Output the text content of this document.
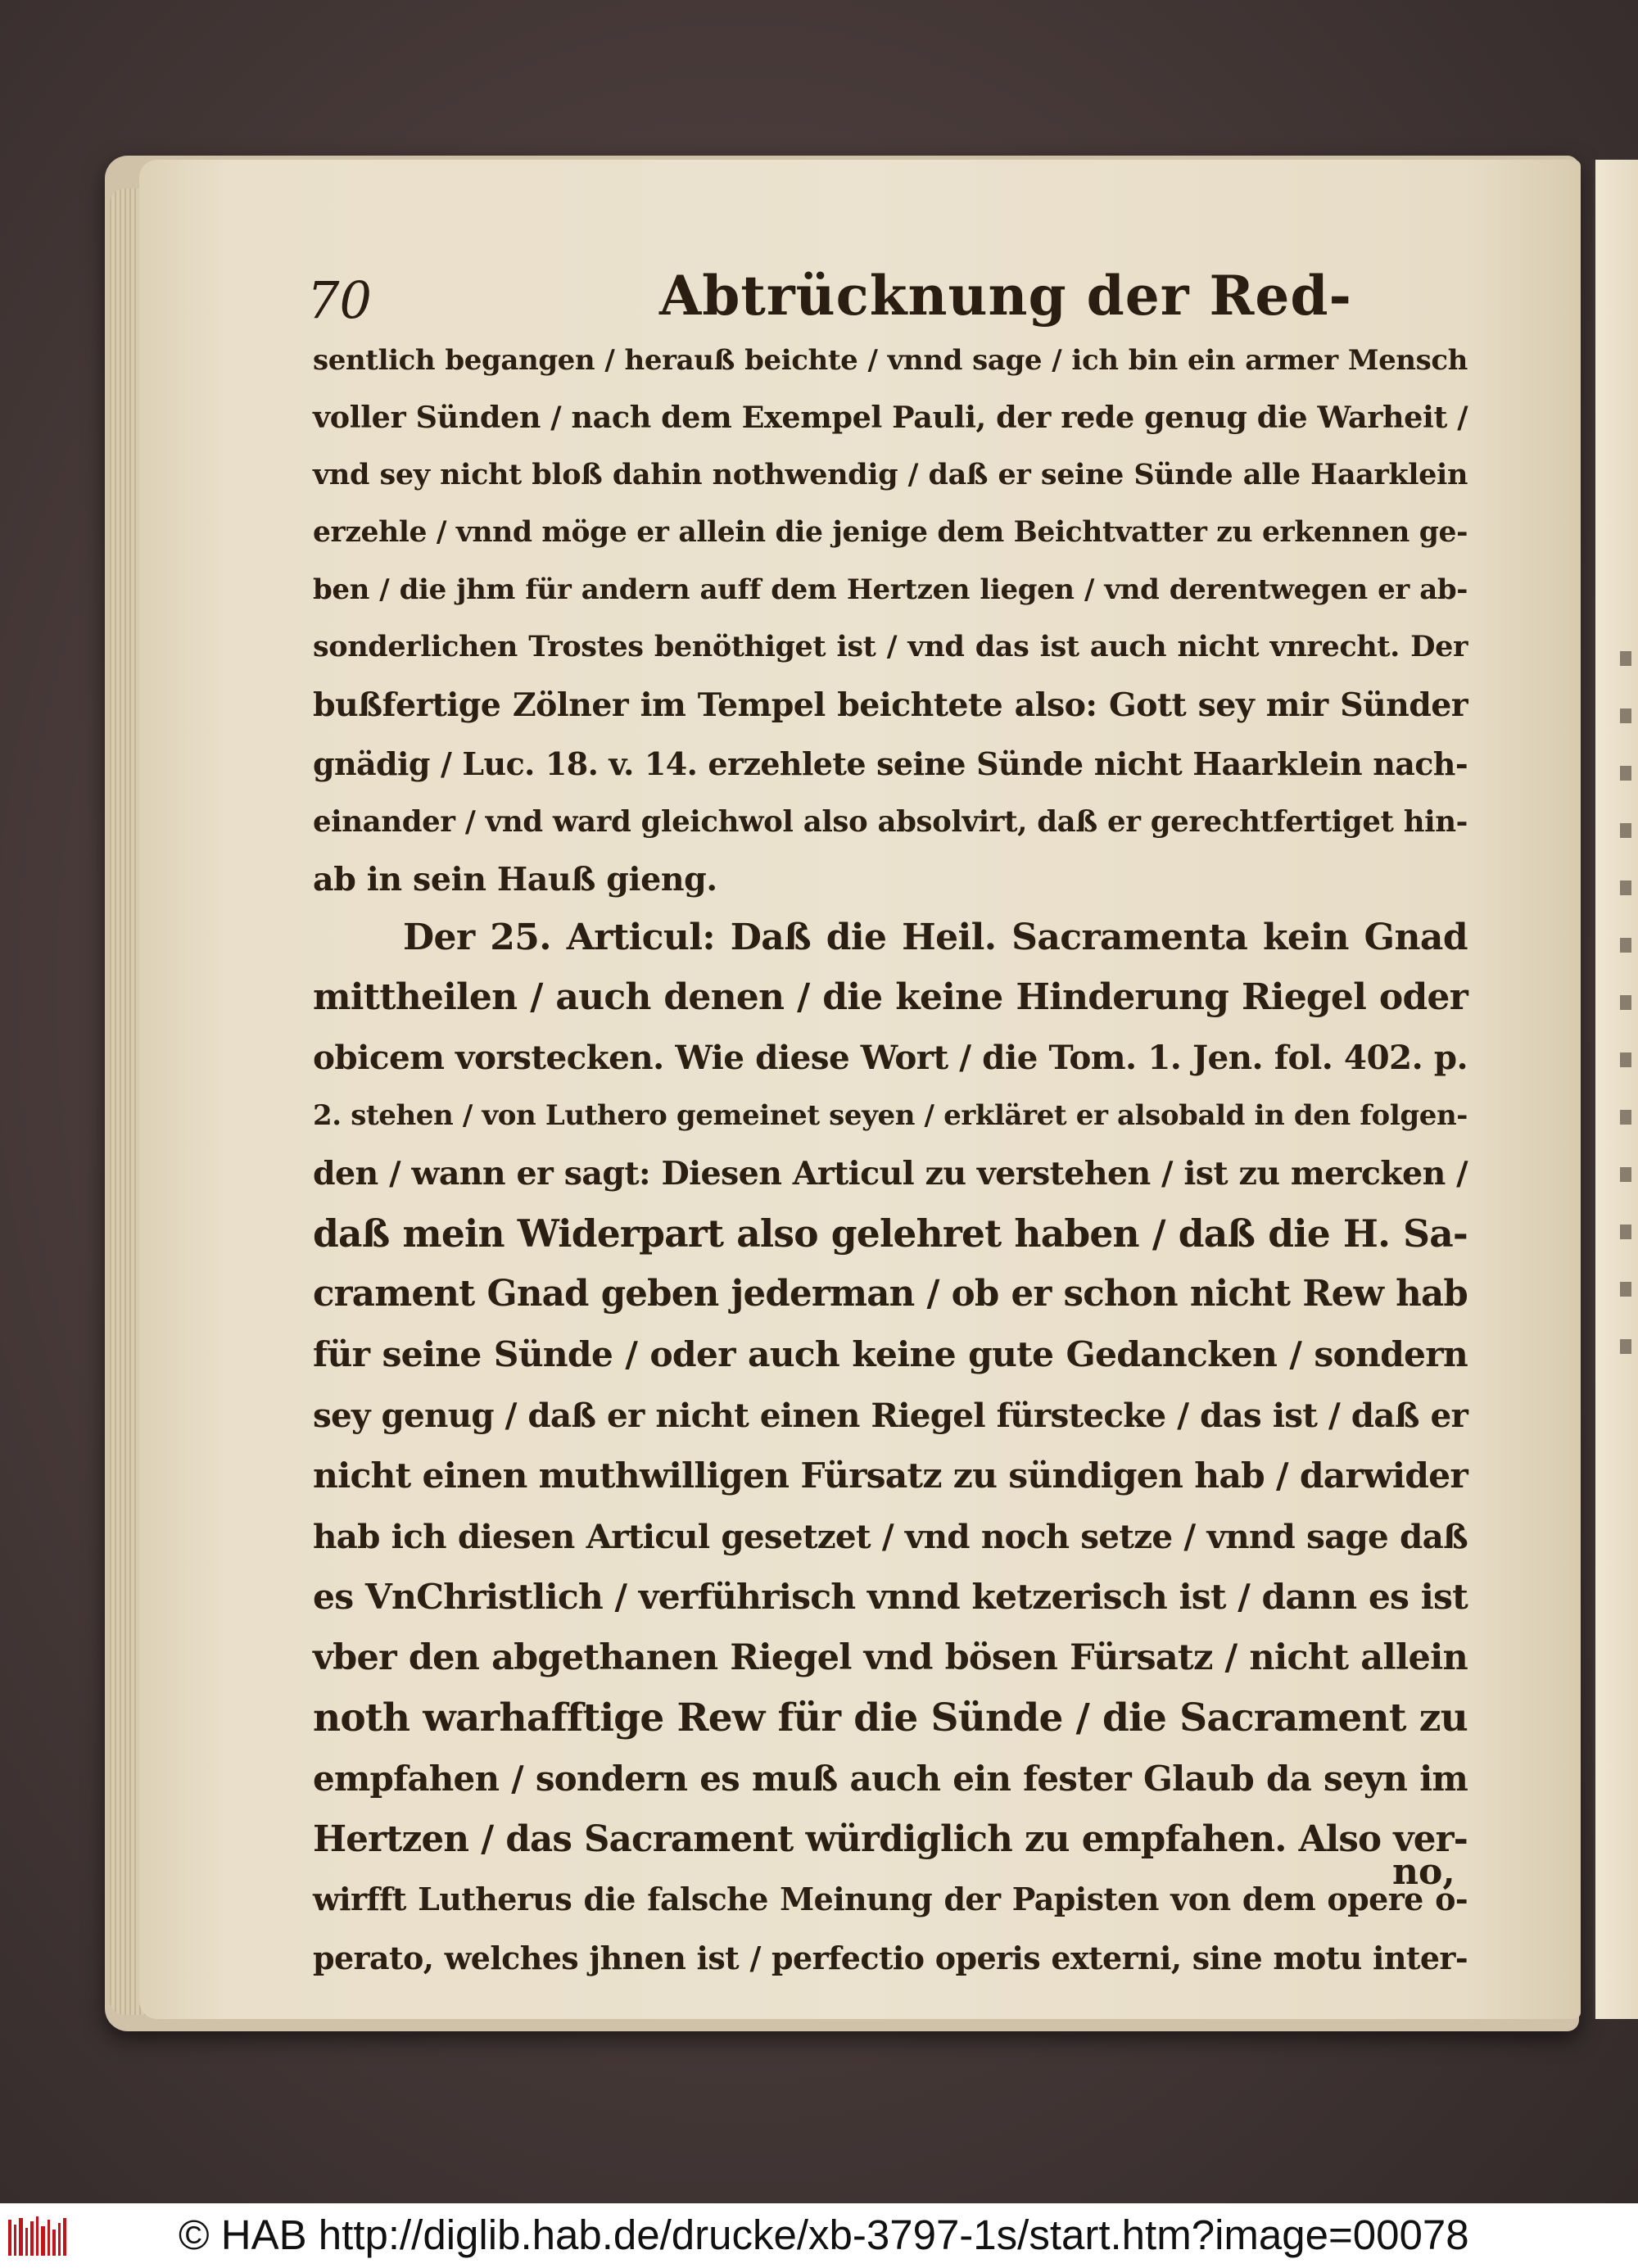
70	Abtrücknung der Red-
sentlich begangen / herauß beichte / vnnd sage / ich bin ein armer Mensch
voller Sünden / nach dem Exempel Pauli, der rede genug die Warheit /
vnd sey nicht bloß dahin nothwendig / daß er seine Sünde alle Haarklein
erzehle / vnnd möge er allein die jenige dem Beichtvatter zu erkennen ge-
ben / die jhm für andern auff dem Hertzen liegen / vnd derentwegen er ab-
sonderlichen Trostes benöthiget ist / vnd das ist auch nicht vnrecht. Der
bußfertige Zölner im Tempel beichtete also: Gott sey mir Sünder
gnädig / Luc. 18. v. 14. erzehlete seine Sünde nicht Haarklein nach-
einander / vnd ward gleichwol also absolvirt, daß er gerechtfertiget hin-
ab in sein Hauß gieng.
Der 25. Articul: Daß die Heil. Sacramenta kein Gnad
mittheilen / auch denen / die keine Hinderung Riegel oder
obicem vorstecken. Wie diese Wort / die Tom. 1. Jen. fol. 402. p.
2. stehen / von Luthero gemeinet seyen / erkläret er alsobald in den folgen-
den / wann er sagt: Diesen Articul zu verstehen / ist zu mercken /
daß mein Widerpart also gelehret haben / daß die H. Sa-
crament Gnad geben jederman / ob er schon nicht Rew hab
für seine Sünde / oder auch keine gute Gedancken / sondern
sey genug / daß er nicht einen Riegel fürstecke / das ist / daß er
nicht einen muthwilligen Fürsatz zu sündigen hab / darwider
hab ich diesen Articul gesetzet / vnd noch setze / vnnd sage daß
es VnChristlich / verführisch vnnd ketzerisch ist / dann es ist
vber den abgethanen Riegel vnd bösen Fürsatz / nicht allein
noth warhafftige Rew für die Sünde / die Sacrament zu
empfahen / sondern es muß auch ein fester Glaub da seyn im
Hertzen / das Sacrament würdiglich zu empfahen. Also ver-
wirfft Lutherus die falsche Meinung der Papisten von dem opere o-
perato, welches jhnen ist / perfectio operis externi, sine motu inter-
no,
© HAB http://diglib.hab.de/drucke/xb-3797-1s/start.htm?image=00078
